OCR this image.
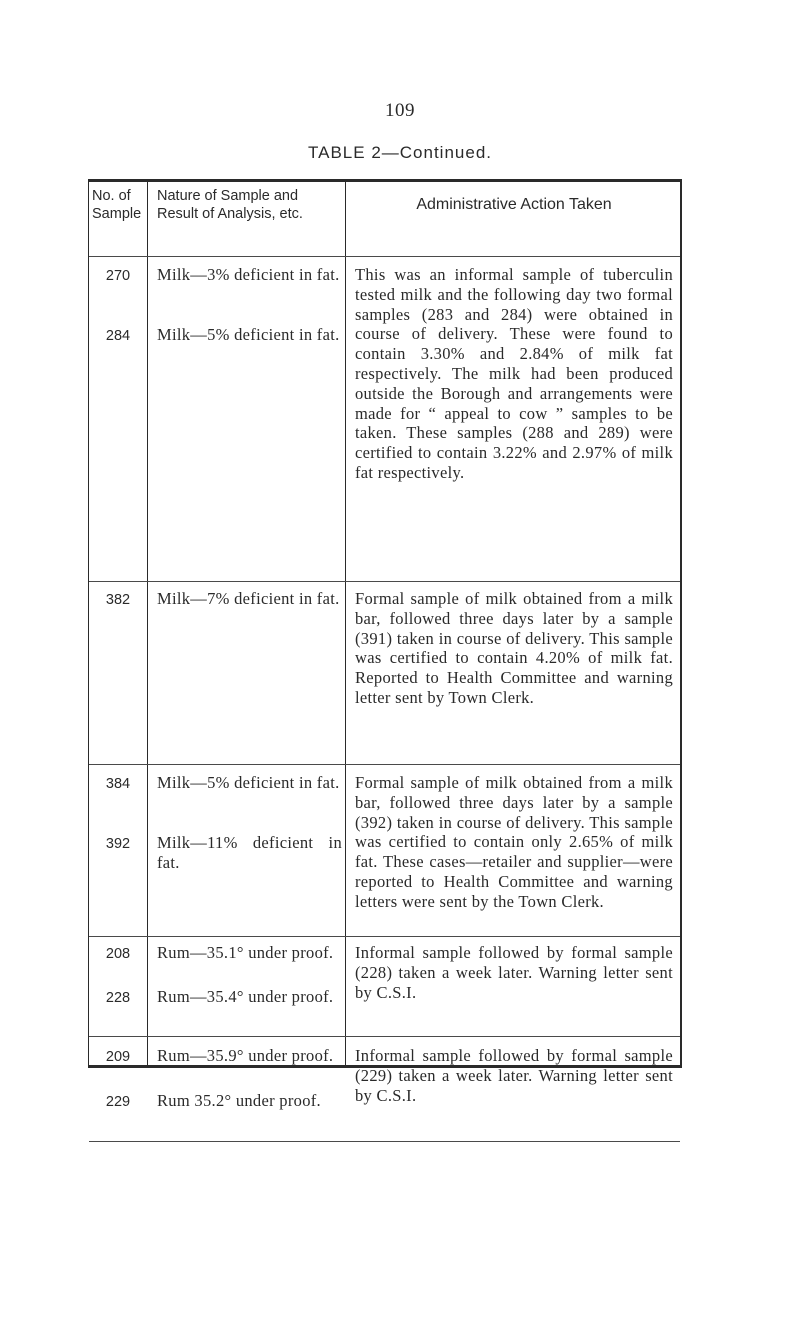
109
TABLE 2—Continued.
No. of Sample
Nature of Sample and Result of Analysis, etc.
Administrative Action Taken
270
284
Milk—3% deficient in fat.
Milk—5% deficient in fat.
This was an informal sample of tuberculin tested milk and the following day two formal samples (283 and 284) were obtained in course of delivery. These were found to contain 3.30% and 2.84% of milk fat respectively. The milk had been produced outside the Borough and arrangements were made for “ appeal to cow ” samples to be taken. These samples (288 and 289) were certified to contain 3.22% and 2.97% of milk fat respectively.
382	Milk—7% deficient in fat. Formal sample of milk obtained from a milk bar, followed three days later by a sample (391) taken in course of delivery. This sample was certified to contain 4.20% of milk fat. Reported to Health Committee and warning letter sent by Town Clerk.
384
392
Milk—5% deficient in fat.
Milk—11% deficient in fat.
Formal sample of milk obtained from a milk bar, followed three days later by a sample (392) taken in course of delivery. This sample was certified to contain only 2.65% of milk fat. These cases—retailer and supplier—were reported to Health Committee and warning letters were sent by the Town Clerk.
208
228
Rum—35.1° under proof.
Rum—35.4° under proof.
Informal sample followed by formal sample (228) taken a week later. Warning letter sent by C.S.I.
209
229
Rum—35.9° under proof.
Rum 35.2° under proof.
Informal sample followed by formal sample (229) taken a week later. Warning letter sent by C.S.I.
